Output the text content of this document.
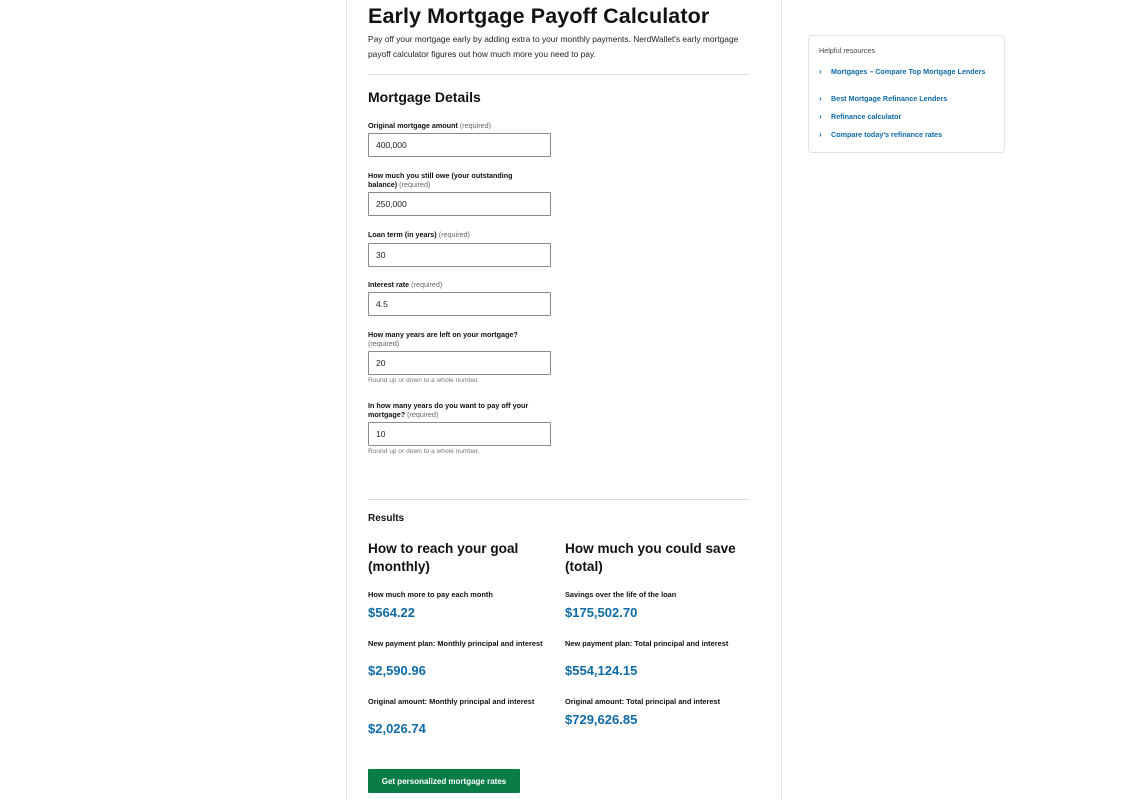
Early Mortgage Payoff Calculator

Pay off your mortgage early by adding extra to your monthly payments. NerdWallet's early mortgage payoff calculator figures out how much more you need to pay.

Mortgage Details

Original mortgage amount (required)

400,000

How much you still owe (your outstanding balance) (required)

250,000

Loan term (in years) (required)

30

Interest rate (required)

4.5

How many years are left on your mortgage?
(required)

20

Round up or down to a whole number.

In how many years do you want to pay off your mortgage? (required)

10

Round up or down to a whole number.

Results

How to reach your goal (monthly)

How much more to pay each month

$564.22

New payment plan: Monthly principal and interest

$2,590.96

Original amount: Monthly principal and interest

$2,026.74

How much you could save (total)

Savings over the life of the loan

$175,502.70

New payment plan: Total principal and interest

$554,124.15

Original amount: Total principal and interest

$729,626.85

Get personalized mortgage rates

Helpful resources

›	Mortgages – Compare Top Mortgage Lenders
›	Best Mortgage Refinance Lenders
›	Refinance calculator
›	Compare today's refinance rates
